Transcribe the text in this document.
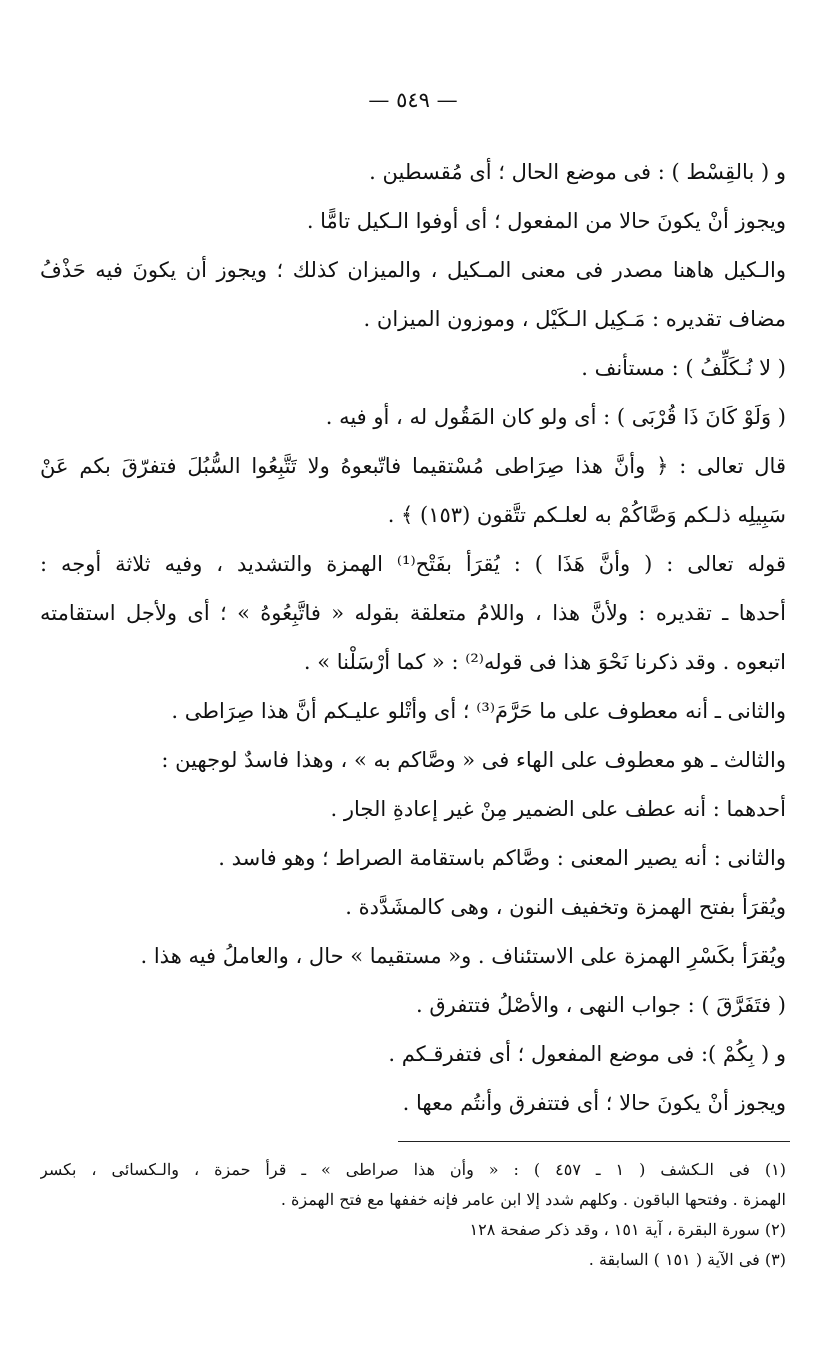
— ٥٤٩ —
و ( بالقِسْط ) : فى موضع الحال ؛ أى مُقسطين .
ويجوز أنْ يكونَ حالا من المفعول ؛ أى أوفوا الـكيل تامًّا .
والـكيل هاهنا مصدر فى معنى المـكيل ، والميزان كذلك ؛ ويجوز أن يكونَ فيه حَذْفُ
مضاف تقديره : مَـكِيل الـكَيْل ، وموزون الميزان .
( لا نُـكَلِّفُ ) : مستأنف .
( وَلَوْ كَانَ ذَا قُرْبَى ) : أى ولو كان المَقُول له ، أو فيه .
قال تعالى : ﴿ وأنَّ هذا صِرَاطى مُسْتقيما فاتّبعوهُ ولا تَتَّبِعُوا السُّبُلَ فتفرّقَ بكم عَنْ
سَبِيلِه ذلـكم وَصَّاكُمْ به لعلـكم تتَّقون (١٥٣) ﴾ .
قوله تعالى : ( وأنَّ هَذَا ) : يُقرَأ بفَتْح⁽¹⁾ الهمزة والتشديد ، وفيه ثلاثة أوجه :
أحدها ـ تقديره : ولأنَّ هذا ، واللامُ متعلقة بقوله « فاتَّبِعُوهُ » ؛ أى ولأجل استقامته
اتبعوه . وقد ذكرنا نَحْوَ هذا فى قوله⁽²⁾ : « كما أرْسَلْنا » .
والثانى ـ أنه معطوف على ما حَرَّمَ⁽³⁾ ؛ أى وأتْلو عليـكم أنَّ هذا صِرَاطى .
والثالث ـ هو معطوف على الهاء فى « وصَّاكم به » ، وهذا فاسدٌ لوجهين :
أحدهما : أنه عطف على الضمير مِنْ غير إعادةِ الجار .
والثانى : أنه يصير المعنى : وصَّاكم باستقامة الصراط ؛ وهو فاسد .
ويُقرَأ بفتح الهمزة وتخفيف النون ، وهى كالمشَدَّدة .
ويُقرَأ بكَسْرِ الهمزة على الاستئناف . و« مستقيما » حال ، والعاملُ فيه هذا .
( فتَفَرَّقَ ) : جواب النهى ، والأصْلُ فتتفرق .
و ( بِكُمْ ): فى موضع المفعول ؛ أى فتفرقـكم .
ويجوز أنْ يكونَ حالا ؛ أى فتتفرق وأنتُم معها .
(١) فى الـكشف ( ١ ـ ٤٥٧ ) : « وأن هذا صراطى » ـ قرأ حمزة ، والـكسائى ، بكسر
الهمزة . وفتحها الباقون . وكلهم شدد إلا ابن عامر فإنه خففها مع فتح الهمزة .
(٢) سورة البقرة ، آية ١٥١ ، وقد ذكر صفحة ١٢٨
(٣) فى الآية ( ١٥١ ) السابقة .
